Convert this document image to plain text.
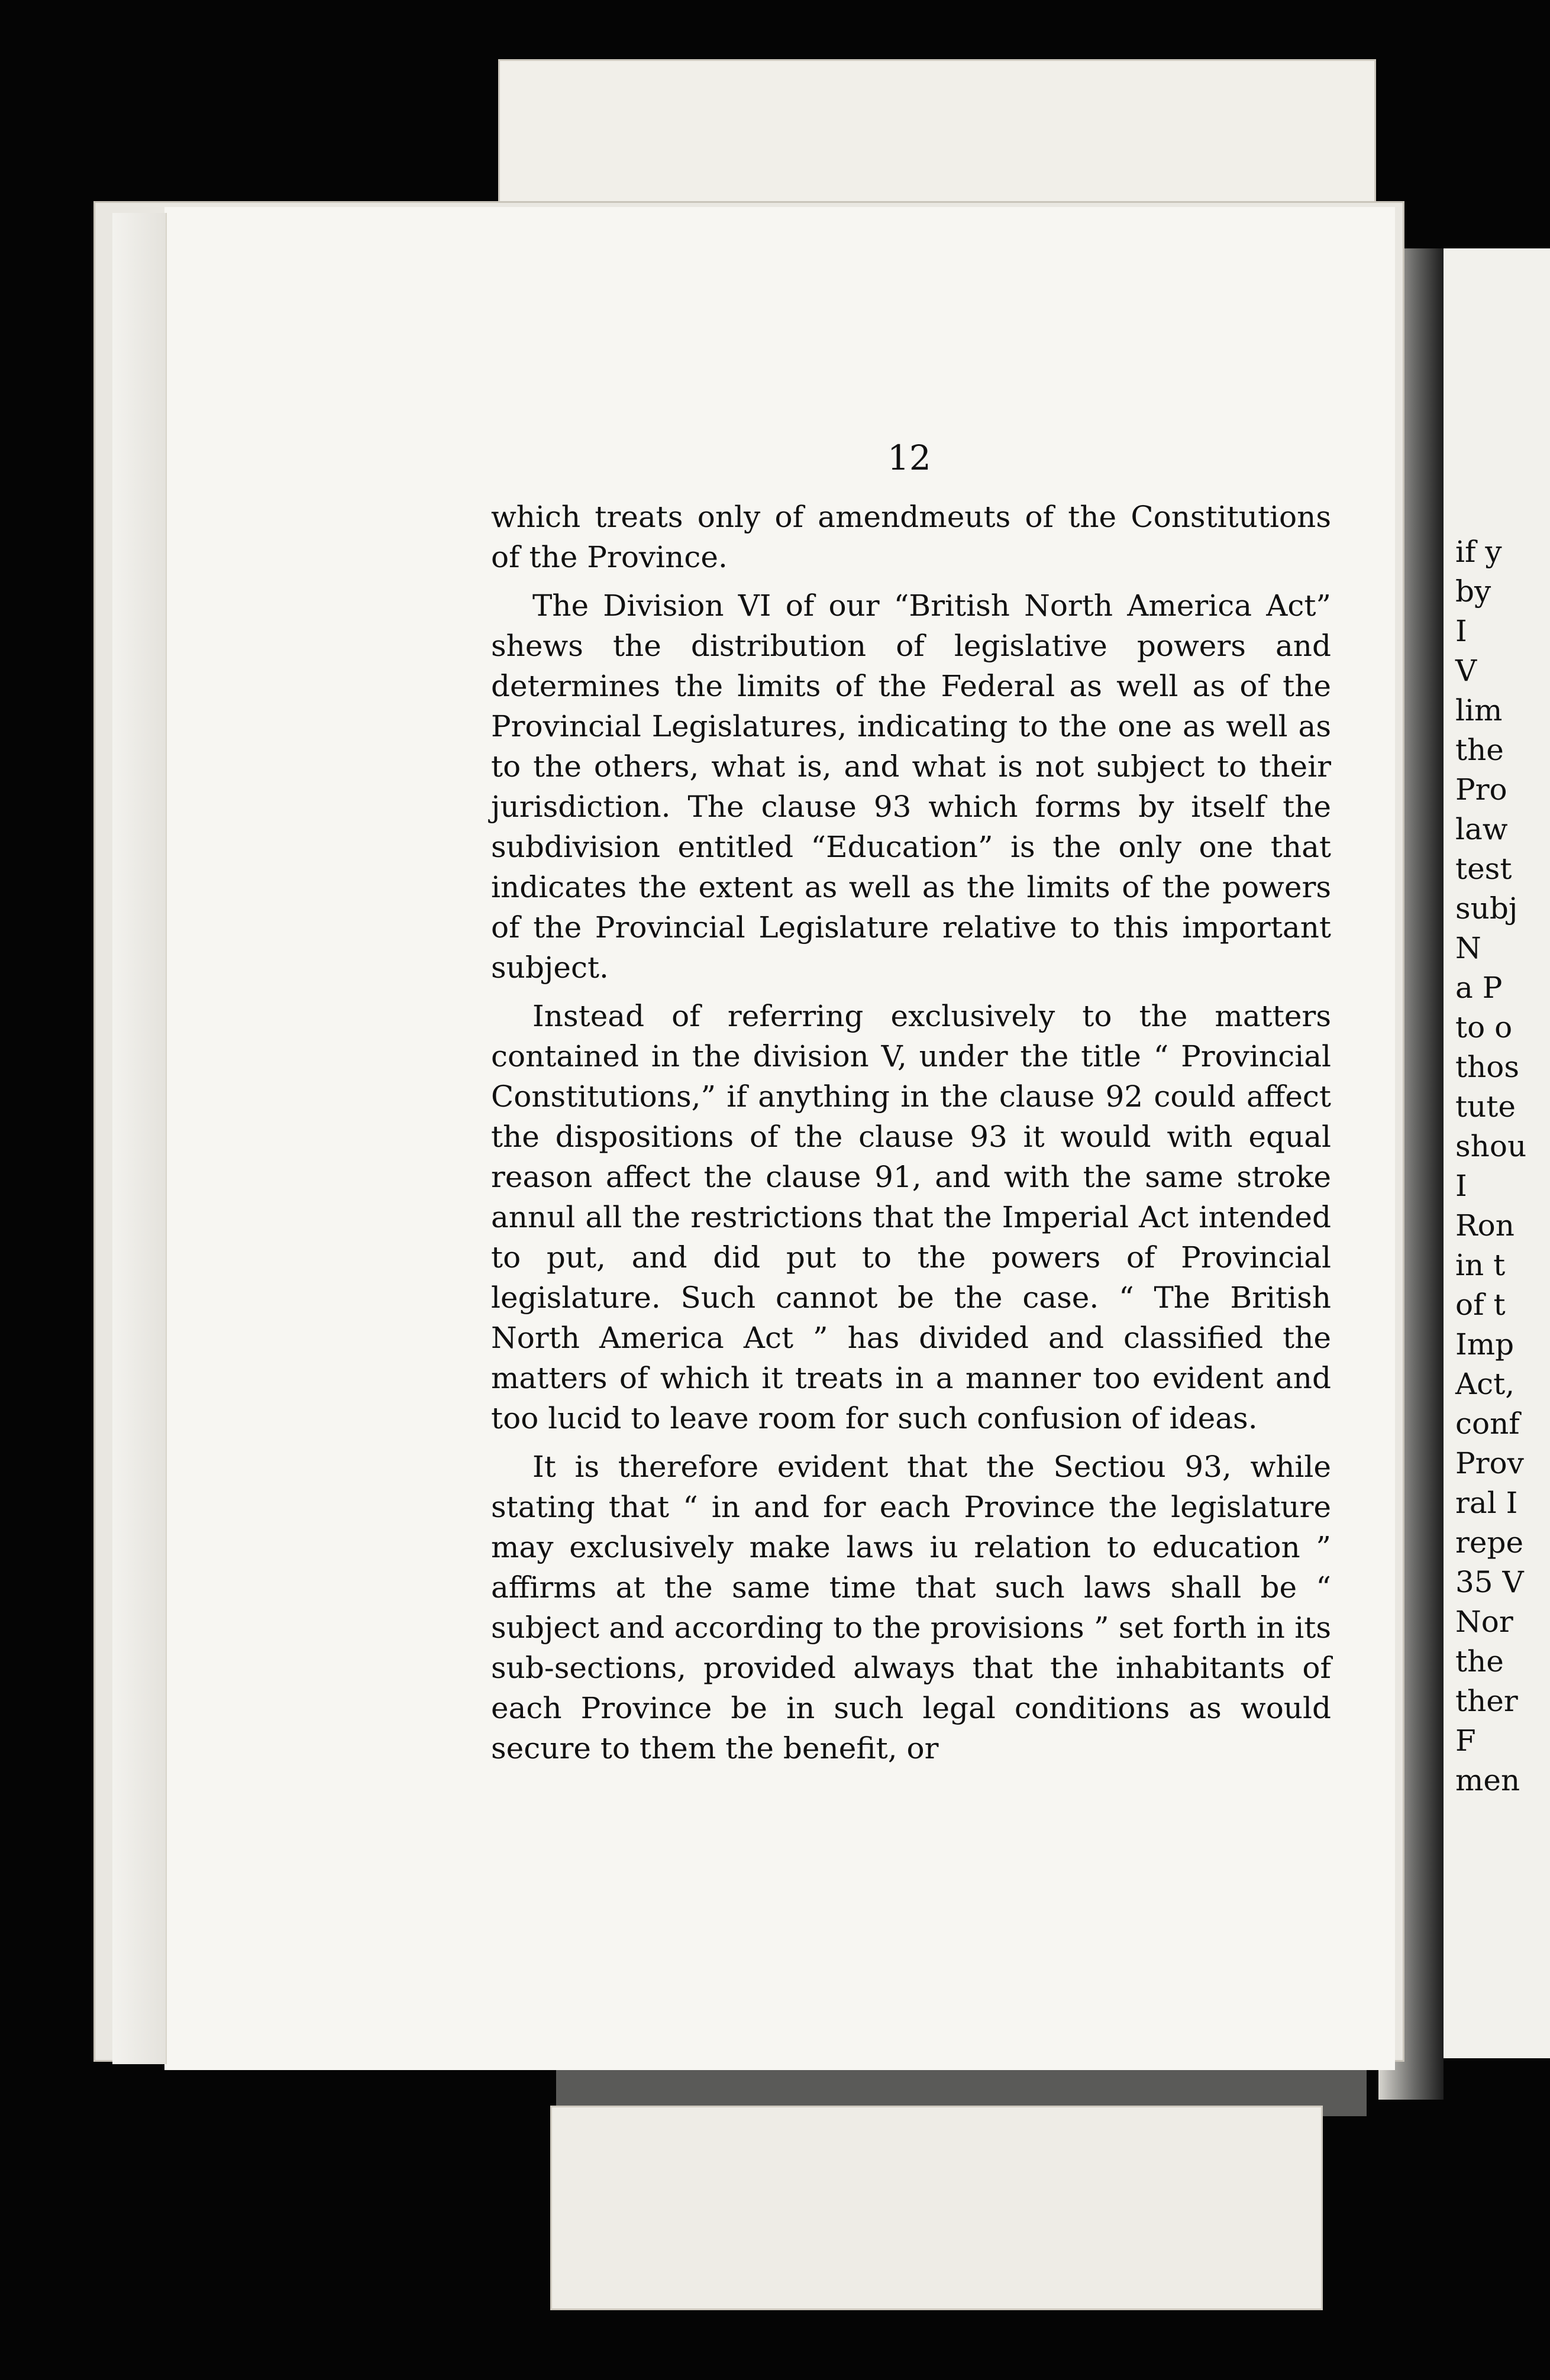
12

which treats only of amendmeuts of the Constitutions of the Province.

The Division VI of our “British North America Act” shews the distribution of legislative powers and determines the limits of the Federal as well as of the Provincial Legislatures, indicating to the one as well as to the others, what is, and what is not subject to their jurisdiction. The clause 93 which forms by itself the subdivision entitled “Education” is the only one that indicates the extent as well as the limits of the powers of the Provincial Legislature relative to this important subject.

Instead of referring exclusively to the matters contained in the division V, under the title “ Provincial Constitutions,” if anything in the clause 92 could affect the dispositions of the clause 93 it would with equal reason affect the clause 91, and with the same stroke annul all the restrictions that the Imperial Act intended to put, and did put to the powers of Provincial legislature. Such cannot be the case. “ The British North America Act ” has divided and classified the matters of which it treats in a manner too evident and too lucid to leave room for such confusion of ideas.

It is therefore evident that the Sectiou 93, while stating that “ in and for each Province the legislature may exclusively make laws iu relation to education ” affirms at the same time that such laws shall be “ subject and according to the provisions ” set forth in its sub-sections, provided always that the inhabitants of each Province be in such legal conditions as would secure to them the benefit, or

if y
by
I
V
lim
the
Pro
law
test
subj
N
a P
to o
thos
tute
shou
I
Ron
in t
of t
Imp
Act,
conf
Prov
ral I
repe
35 V
Nor
the
ther
F
men
